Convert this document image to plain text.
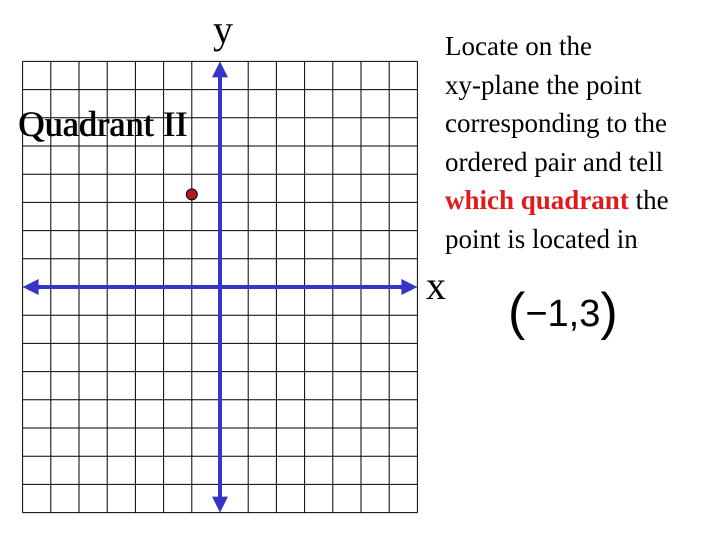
y
x
Quadrant II
Locate on the
xy-plane the point
corresponding to the
ordered pair and tell
which quadrant the
point is located in
(−1,3)
